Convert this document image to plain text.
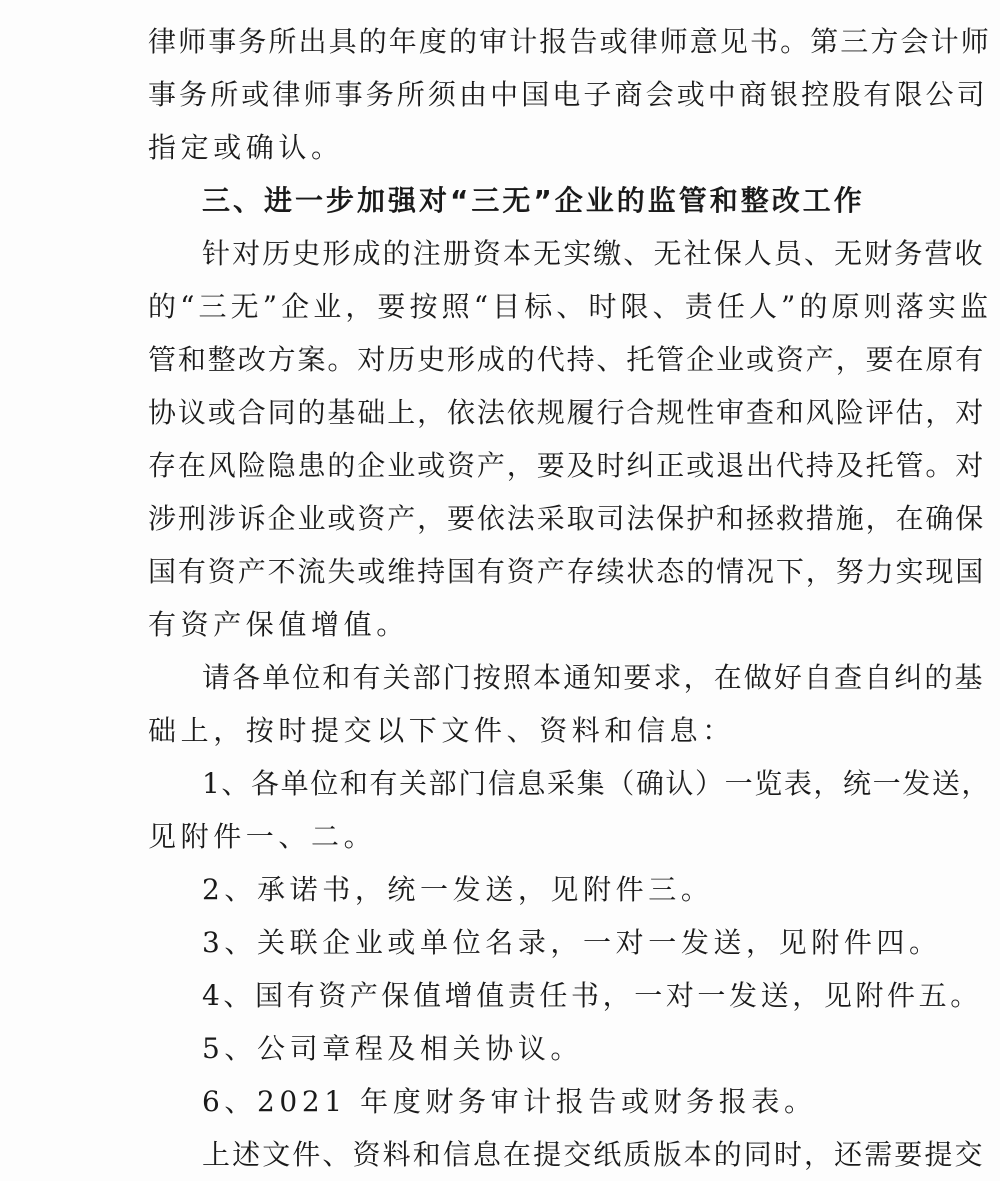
律师事务所出具的年度的审计报告或律师意见书。第三方会计师
事务所或律师事务所须由中国电子商会或中商银控股有限公司
指定或确认。
三、进一步加强对“三无”企业的监管和整改工作
针对历史形成的注册资本无实缴、无社保人员、无财务营收
的“三无”企业，要按照“目标、时限、责任人”的原则落实监
管和整改方案。对历史形成的代持、托管企业或资产，要在原有
协议或合同的基础上，依法依规履行合规性审查和风险评估，对
存在风险隐患的企业或资产，要及时纠正或退出代持及托管。对
涉刑涉诉企业或资产，要依法采取司法保护和拯救措施，在确保
国有资产不流失或维持国有资产存续状态的情况下，努力实现国
有资产保值增值。
请各单位和有关部门按照本通知要求，在做好自查自纠的基
础上，按时提交以下文件、资料和信息：
1、各单位和有关部门信息采集（确认）一览表，统一发送，
见附件一、二。
2、承诺书，统一发送，见附件三。
3、关联企业或单位名录，一对一发送，见附件四。
4、国有资产保值增值责任书，一对一发送，见附件五。
5、公司章程及相关协议。
6、2021 年度财务审计报告或财务报表。
上述文件、资料和信息在提交纸质版本的同时，还需要提交
